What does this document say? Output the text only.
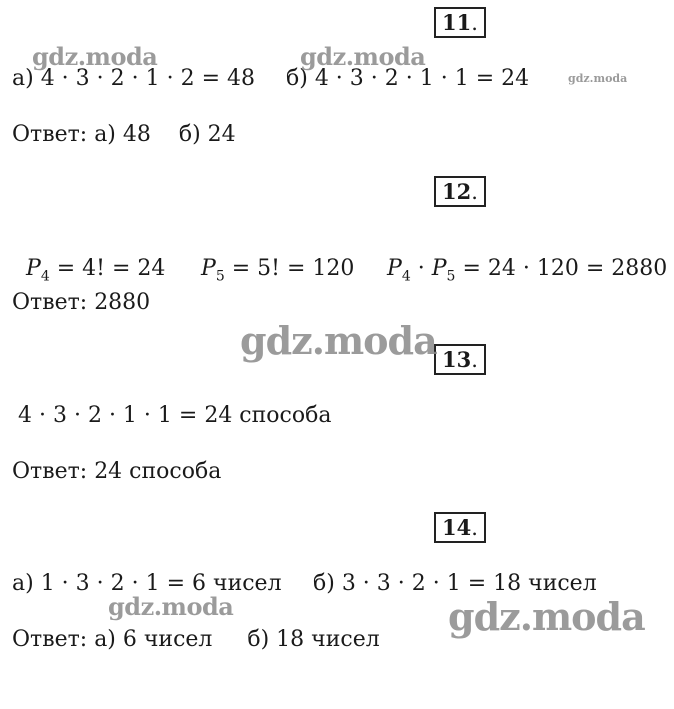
11.
а) 4 · 3 · 2 · 1 · 2 = 48 б) 4 · 3 · 2 · 1 · 1 = 24
Ответ: а) 48    б) 24
12.

$P_4 = 4$! = 24	$P_5 = 5$! = 120	$P_4 \cdot P_5 = 24 \cdot 120 = 2880$

Ответ: 2880
13.
4 · 3 · 2 · 1 · 1 = 24 способа
Ответ: 24 способа
14.
а) 1 · 3 · 2 · 1 = 6 чисел б) 3 · 3 · 2 · 1 = 18 чисел
Ответ: а) 6 чисел     б) 18 чисел
gdz.moda	gdz.moda
gdz.moda
gdz.moda
gdz.moda	gdz.moda
